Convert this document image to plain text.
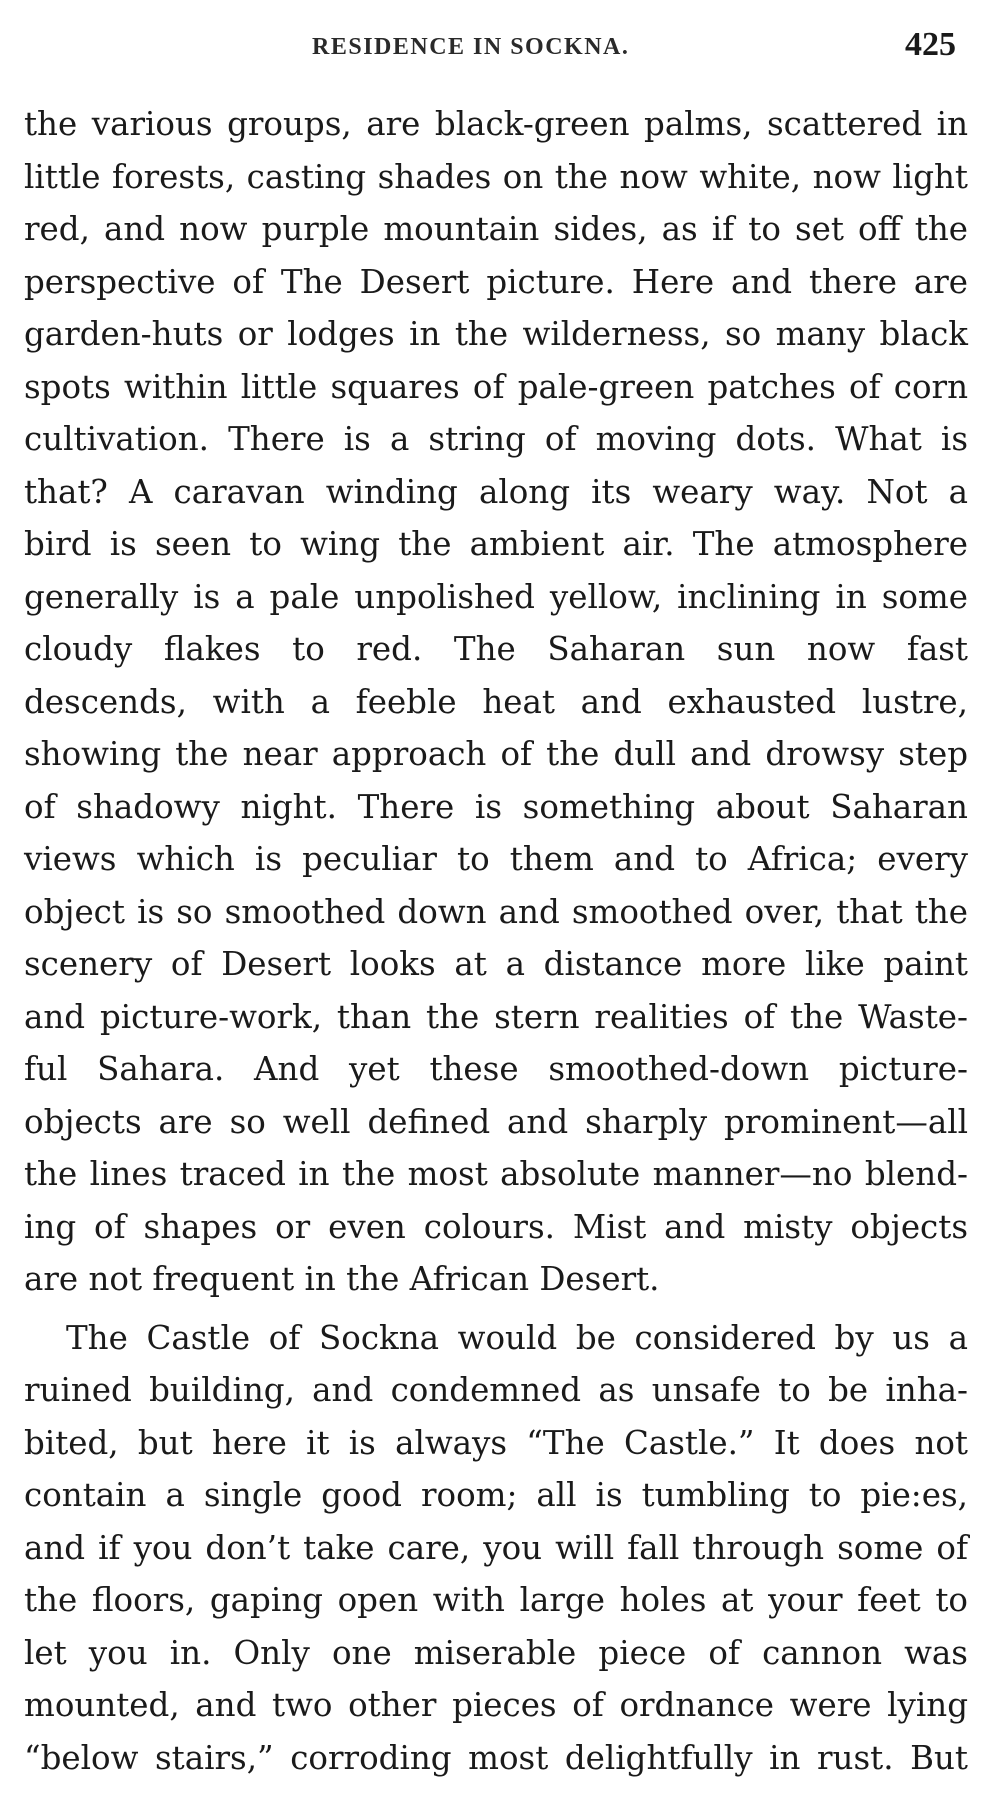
RESIDENCE IN SOCKNA.	425
the various groups, are black-green palms, scattered in
little forests, casting shades on the now white, now light
red, and now purple mountain sides, as if to set off the
perspective of The Desert picture. Here and there are
garden-huts or lodges in the wilderness, so many black
spots within little squares of pale-green patches of corn
cultivation. There is a string of moving dots. What is
that? A caravan winding along its weary way. Not a
bird is seen to wing the ambient air. The atmosphere
generally is a pale unpolished yellow, inclining in some
cloudy flakes to red. The Saharan sun now fast
descends, with a feeble heat and exhausted lustre,
showing the near approach of the dull and drowsy step
of shadowy night. There is something about Saharan
views which is peculiar to them and to Africa; every
object is so smoothed down and smoothed over, that the
scenery of Desert looks at a distance more like paint
and picture-work, than the stern realities of the Waste-
ful Sahara. And yet these smoothed-down picture-
objects are so well defined and sharply prominent—all
the lines traced in the most absolute manner—no blend-
ing of shapes or even colours. Mist and misty objects
are not frequent in the African Desert.
The Castle of Sockna would be considered by us a
ruined building, and condemned as unsafe to be inha-
bited, but here it is always “The Castle.” It does not
contain a single good room; all is tumbling to pie:es,
and if you don’t take care, you will fall through some of
the floors, gaping open with large holes at your feet to
let you in. Only one miserable piece of cannon was
mounted, and two other pieces of ordnance were lying
“below stairs,” corroding most delightfully in rust. But
